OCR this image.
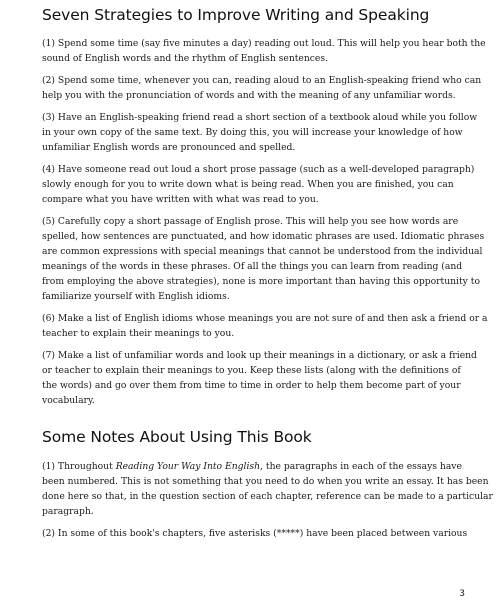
Seven Strategies to Improve Writing and Speaking

(1) Spend some time (say five minutes a day) reading out loud. This will help you hear both the
sound of English words and the rhythm of English sentences.

(2) Spend some time, whenever you can, reading aloud to an English-speaking friend who can
help you with the pronunciation of words and with the meaning of any unfamiliar words.

(3) Have an English-speaking friend read a short section of a textbook aloud while you follow
in your own copy of the same text. By doing this, you will increase your knowledge of how
unfamiliar English words are pronounced and spelled.

(4) Have someone read out loud a short prose passage (such as a well-developed paragraph)
slowly enough for you to write down what is being read. When you are finished, you can
compare what you have written with what was read to you.

(5) Carefully copy a short passage of English prose. This will help you see how words are
spelled, how sentences are punctuated, and how idomatic phrases are used. Idiomatic phrases
are common expressions with special meanings that cannot be understood from the individual
meanings of the words in these phrases. Of all the things you can learn from reading (and
from employing the above strategies), none is more important than having this opportunity to
familiarize yourself with English idioms.

(6) Make a list of English idioms whose meanings you are not sure of and then ask a friend or a
teacher to explain their meanings to you.

(7) Make a list of unfamiliar words and look up their meanings in a dictionary, or ask a friend
or teacher to explain their meanings to you. Keep these lists (along with the definitions of
the words) and go over them from time to time in order to help them become part of your
vocabulary.

Some Notes About Using This Book

(1) Throughout Reading Your Way Into English, the paragraphs in each of the essays have
been numbered. This is not something that you need to do when you write an essay. It has been
done here so that, in the question section of each chapter, reference can be made to a particular
paragraph.

(2) In some of this book's chapters, five asterisks (*****) have been placed between various

3
